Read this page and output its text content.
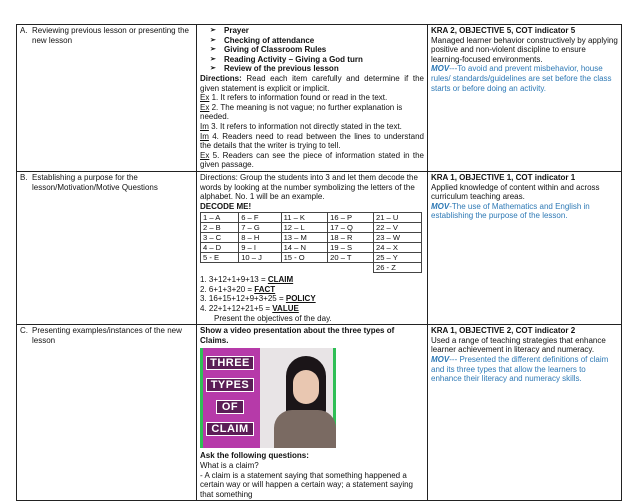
A. Reviewing previous lesson or presenting the new lesson

➢ Prayer
➢ Checking of attendance
➢ Giving of Classroom Rules
➢ Reading Activity – Giving a God turn
➢ Review of the previous lesson
Directions: Read each item carefully and determine if the given statement is explicit or implicit.
Ex 1. It refers to information found or read in the text.
Ex 2. The meaning is not vague; no further explanation is needed.
Im 3. It refers to information not directly stated in the text.
Im 4. Readers need to read between the lines to understand the details that the writer is trying to tell.
Ex 5. Readers can see the piece of information stated in the given passage.

KRA 2, OBJECTIVE 5, COT indicator 5
Managed learner behavior constructively by applying positive and non-violent discipline to ensure learning-focused environments.
MOV---To avoid and prevent misbehavior, house rules/ standards/guidelines are set before the class starts or before doing an activity.

B. Establishing a purpose for the lesson/Motivation/Motive Questions

Directions: Group the students into 3 and let them decode the words by looking at the number symbolizing the letters of the alphabet. No. 1 will be an example.
DECODE ME!
1 – A	6 – F	11 – K	16 – P	21 – U
2 – B	7 – G	12 – L	17 – Q	22 – V
3 – C	8 – H	13 – M	18 – R	23 – W
4 – D	9 – I	14 – N	19 – S	24 – X
5 - E	10 – J	15 - O	20 – T	25 – Y
				26 - Z
1. 3+12+1+9+13 = CLAIM
2. 6+1+3+20 = FACT
3. 16+15+12+9+3+25 = POLICY
4. 22+1+12+21+5 = VALUE
Present the objectives of the day.

KRA 1, OBJECTIVE 1, COT indicator 1
Applied knowledge of content within and across curriculum teaching areas.
MOV-The use of Mathematics and English in establishing the purpose of the lesson.

C. Presenting examples/instances of the new lesson

Show a video presentation about the three types of Claims.
THREE
TYPES
OF
CLAIM
Ask the following questions:
What is a claim?
- A claim is a statement saying that something happened a certain way or will happen a certain way; a statement saying that something

KRA 1, OBJECTIVE 2, COT indicator 2
Used a range of teaching strategies that enhance learner achievement in literacy and numeracy.
MOV--- Presented the different definitions of claim and its three types that allow the learners to enhance their literacy and numeracy skills.
